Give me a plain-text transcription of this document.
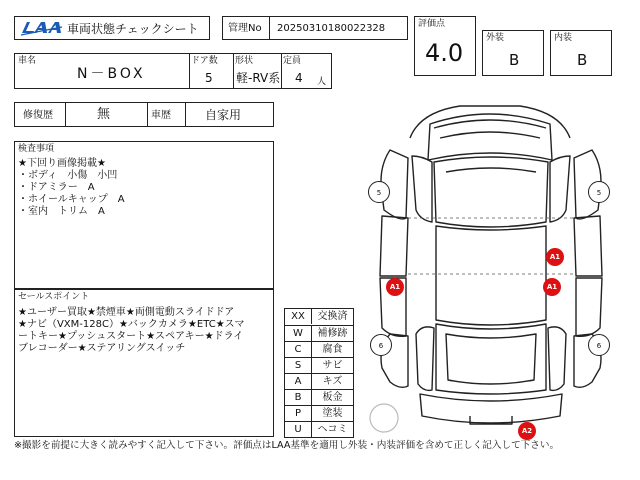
車両状態チェックシート	管理No 20250310180022328	評価点
4.0
外装
B
内装
B
車名
N－BOX
ドア数
5
形状
軽-RV系
定員
4 人
修復歴	無	車歴	自家用
検査事項
★下回り画像掲載★
・ボディ　小傷　小凹
・ドアミラー　A
・ホイールキャップ　A
・室内　トリム　A
セールスポイント
★ユーザー買取★禁煙車★両側電動スライドドア
★ナビ（VXM-128C）★バックカメラ★ETC★スマ
ートキー★プッシュスタート★スペアキー★ドライ
ブレコーダー★ステアリングスイッチ
XX	交換済
W	補修跡
C	腐食
S	サビ
A	キズ
B	板金
P	塗装
U	ヘコミ
5	5
6	6
A1
A1	A1
A2
※撮影を前提に大きく読みやすく記入して下さい。評価点はLAA基準を適用し外装・内装評価を含めて正しく記入して下さい。
